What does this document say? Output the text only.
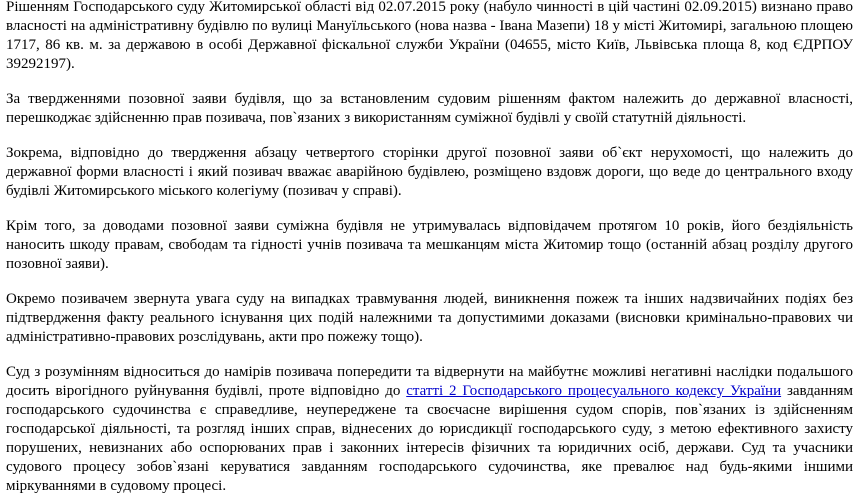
Рішенням Господарського суду Житомирської області від 02.07.2015 року (набуло чинності в цій частині 02.09.2015) визнано право власності на адміністративну будівлю по вулиці Мануїльського (нова назва - Івана Мазепи) 18 у місті Житомирі, загальною площею 1717, 86 кв. м. за державою в особі Державної фіскальної служби України (04655, місто Київ, Львівська площа 8, код ЄДРПОУ 39292197).

За твердженнями позовної заяви будівля, що за встановленим судовим рішенням фактом належить до державної власності, перешкоджає здійсненню прав позивача, пов`язаних з використанням суміжної будівлі у своїй статутній діяльності.

Зокрема, відповідно до твердження абзацу четвертого сторінки другої позовної заяви об`єкт нерухомості, що належить до державної форми власності і який позивач вважає аварійною будівлею, розміщено вздовж дороги, що веде до центрального входу будівлі Житомирського міського колегіуму (позивач у справі).

Крім того, за доводами позовної заяви суміжна будівля не утримувалась відповідачем протягом 10 років, його бездіяльність наносить шкоду правам, свободам та гідності учнів позивача та мешканцям міста Житомир тощо (останній абзац розділу другого позовної заяви).

Окремо позивачем звернута увага суду на випадках травмування людей, виникнення пожеж та інших надзвичайних подіях без підтвердження факту реального існування цих подій належними та допустимими доказами (висновки кримінально-правових чи адміністративно-правових розслідувань, акти про пожежу тощо).

Суд з розумінням відноситься до намірів позивача попередити та відвернути на майбутнє можливі негативні наслідки подальшого досить вірогідного руйнування будівлі, проте відповідно до статті 2 Господарського процесуального кодексу України завданням господарського судочинства є справедливе, неупереджене та своєчасне вирішення судом спорів, пов`язаних із здійсненням господарської діяльності, та розгляд інших справ, віднесених до юрисдикції господарського суду, з метою ефективного захисту порушених, невизнаних або оспорюваних прав і законних інтересів фізичних та юридичних осіб, держави. Суд та учасники судового процесу зобов`язані керуватися завданням господарського судочинства, яке превалює над будь-якими іншими міркуваннями в судовому процесі.
